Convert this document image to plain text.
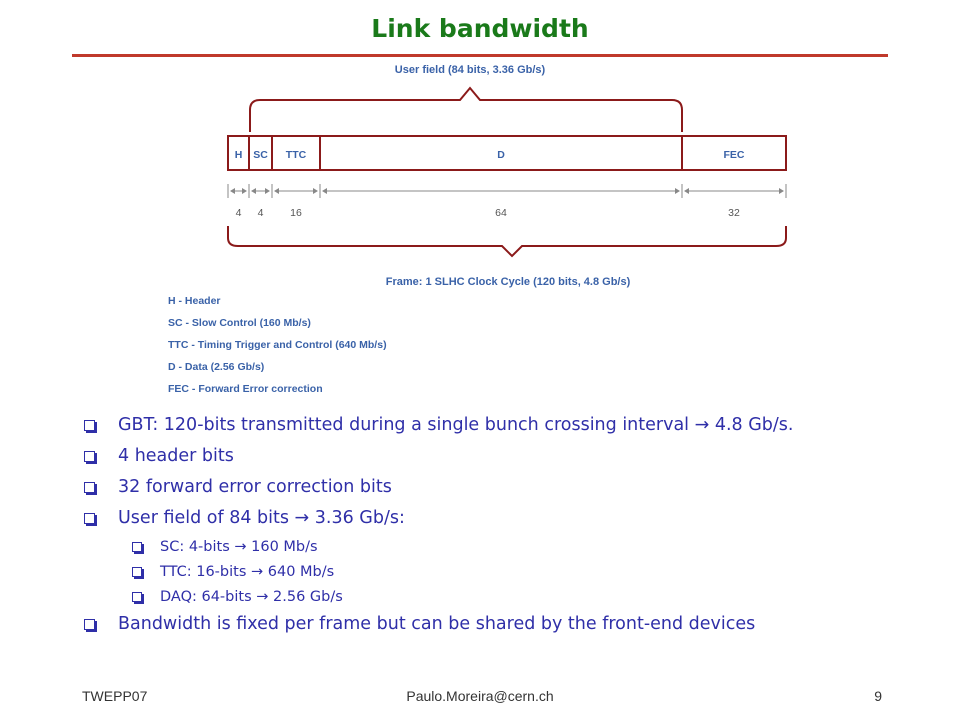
Link bandwidth
User field (84 bits, 3.36 Gb/s)
H SC TTC	D	FEC
4 4	16	64	32
Frame: 1 SLHC Clock Cycle (120 bits, 4.8 Gb/s)
H - Header
SC - Slow Control (160 Mb/s)
TTC - Timing Trigger and Control (640 Mb/s)
D - Data (2.56 Gb/s)
FEC - Forward Error correction
GBT: 120-bits transmitted during a single bunch crossing interval → 4.8 Gb/s.
4 header bits
32 forward error correction bits
User field of 84 bits → 3.36 Gb/s:
SC: 4-bits → 160 Mb/s
TTC: 16-bits → 640 Mb/s
DAQ: 64-bits → 2.56 Gb/s
Bandwidth is fixed per frame but can be shared by the front-end devices
TWEPP07	Paulo.Moreira@cern.ch	9
